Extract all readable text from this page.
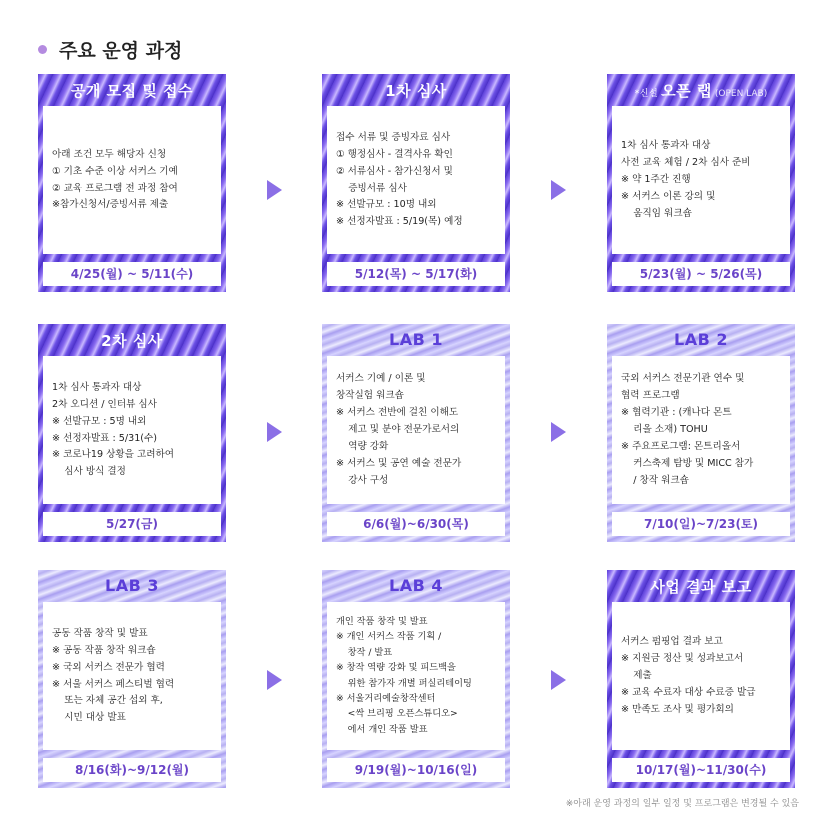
주요 운영 과정
공개 모집 및 접수
아래 조건 모두 해당자 신청
① 기초 수준 이상 서커스 기예
② 교육 프로그램 전 과정 참여
※참가신청서/증빙서류 제출
4/25(월) ~ 5/11(수)
1차 심사
접수 서류 및 증빙자료 심사
① 행정심사 - 결격사유 확인
② 서류심사 - 참가신청서 및
증빙서류 심사
※ 선발규모 : 10명 내외
※ 선정자발표 : 5/19(목) 예정
5/12(목) ~ 5/17(화)
*신설 오픈 랩 (OPEN LAB)
1차 심사 통과자 대상
사전 교육 체험 / 2차 심사 준비
※ 약 1주간 진행
※ 서커스 이론 강의 및
움직임 워크숍
5/23(월) ~ 5/26(목)
2차 심사
1차 심사 통과자 대상
2차 오디션 / 인터뷰 심사
※ 선발규모 : 5명 내외
※ 선정자발표 : 5/31(수)
※ 코로나19 상황을 고려하여
심사 방식 결정
5/27(금)
LAB 1
서커스 기예 / 이론 및
창작실험 워크숍
※ 서커스 전반에 걸친 이해도
제고 및 분야 전문가로서의
역량 강화
※ 서커스 및 공연 예술 전문가
강사 구성
6/6(월)~6/30(목)
LAB 2
국외 서커스 전문기관 연수 및
협력 프로그램
※ 협력기관 : (캐나다 몬트
리올 소재) TOHU
※ 주요프로그램: 몬트리올서
커스축제 탐방 및 MICC 참가
/ 창작 워크숍
7/10(일)~7/23(토)
LAB 3
공동 작품 창작 및 발표
※ 공동 작품 창작 워크숍
※ 국외 서커스 전문가 협력
※ 서울 서커스 페스티벌 협력
또는 자체 공간 섭외 후,
시민 대상 발표
8/16(화)~9/12(월)
LAB 4
개인 작품 창작 및 발표
※ 개인 서커스 작품 기획 /
창작 / 발표
※ 창작 역량 강화 및 피드백을
위한 참가자 개별 퍼실리테이팅
※ 서울거리예술창작센터
<싹 브리핑 오픈스튜디오>
에서 개인 작품 발표
9/19(월)~10/16(일)
사업 결과 보고
서커스 펌핑업 결과 보고
※ 지원금 정산 및 성과보고서
제출
※ 교육 수료자 대상 수료증 발급
※ 만족도 조사 및 평가회의
10/17(월)~11/30(수)
※아래 운영 과정의 일부 일정 및 프로그램은 변경될 수 있음
